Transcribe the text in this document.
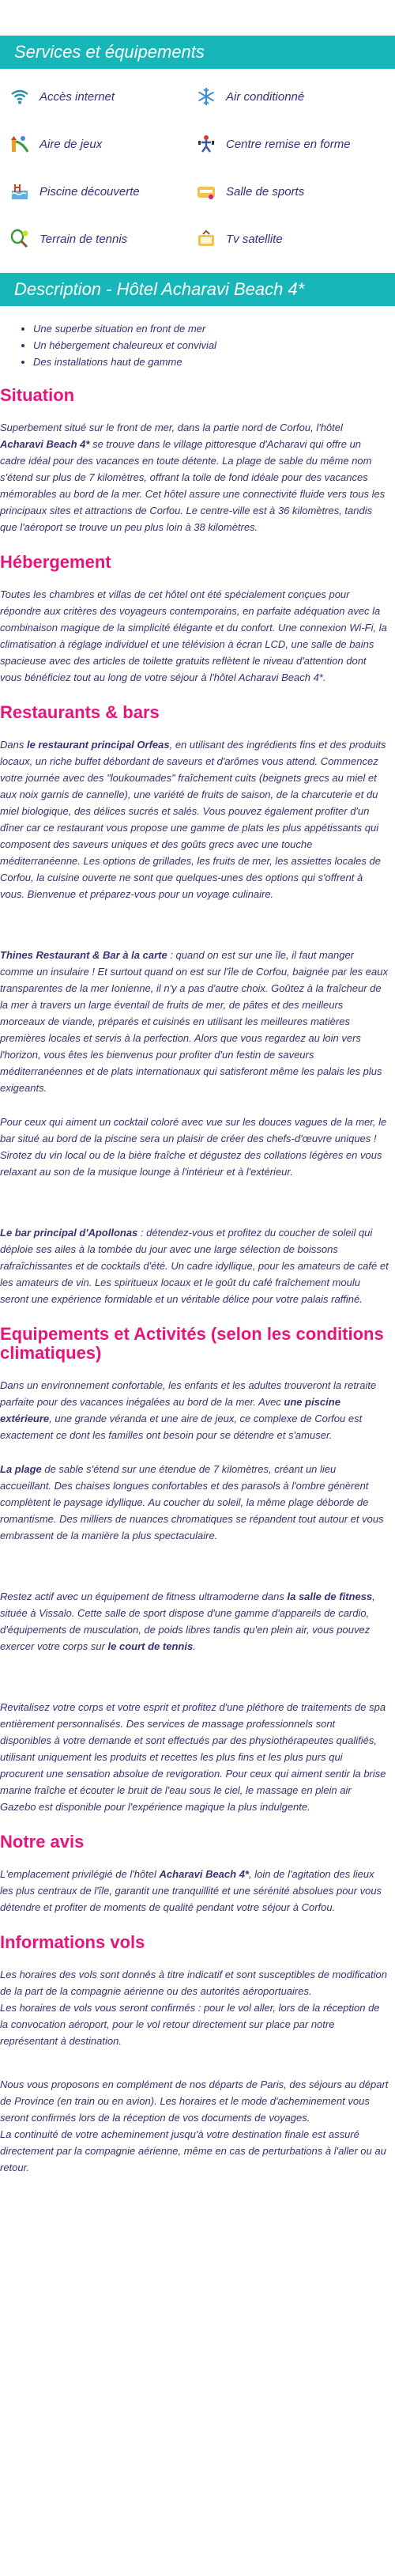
Services et équipements
Accès internet	Air conditionné
Aire de jeux	Centre remise en forme
Piscine découverte	Salle de sports
Terrain de tennis	Tv satellite
Description - Hôtel Acharavi Beach 4*
• Une superbe situation en front de mer
• Un hébergement chaleureux et convivial
• Des installations haut de gamme
Situation

Superbement situé sur le front de mer, dans la partie nord de Corfou, l'hôtel Acharavi Beach 4* se trouve dans le village pittoresque d'Acharavi qui offre un cadre idéal pour des vacances en toute détente. La plage de sable du même nom s'étend sur plus de 7 kilomètres, offrant la toile de fond idéale pour des vacances mémorables au bord de la mer. Cet hôtel assure une connectivité fluide vers tous les principaux sites et attractions de Corfou. Le centre-ville est à 36 kilomètres, tandis que l'aéroport se trouve un peu plus loin à 38 kilomètres.

Hébergement

Toutes les chambres et villas de cet hôtel ont été spécialement conçues pour répondre aux critères des voyageurs contemporains, en parfaite adéquation avec la combinaison magique de la simplicité élégante et du confort. Une connexion Wi-Fi, la climatisation à réglage individuel et une télévision à écran LCD, une salle de bains spacieuse avec des articles de toilette gratuits reflètent le niveau d'attention dont vous bénéficiez tout au long de votre séjour à l'hôtel Acharavi Beach 4*.

Restaurants & bars

Dans le restaurant principal Orfeas, en utilisant des ingrédients fins et des produits locaux, un riche buffet débordant de saveurs et d'arômes vous attend. Commencez votre journée avec des "loukoumades" fraîchement cuits (beignets grecs au miel et aux noix garnis de cannelle), une variété de fruits de saison, de la charcuterie et du miel biologique, des délices sucrés et salés. Vous pouvez également profiter d'un dîner car ce restaurant vous propose une gamme de plats les plus appétissants qui composent des saveurs uniques et des goûts grecs avec une touche méditerranéenne. Les options de grillades, les fruits de mer, les assiettes locales de Corfou, la cuisine ouverte ne sont que quelques-unes des options qui s'offrent à vous. Bienvenue et préparez-vous pour un voyage culinaire.

Thines Restaurant & Bar à la carte : quand on est sur une île, il faut manger comme un insulaire ! Et surtout quand on est sur l'île de Corfou, baignée par les eaux transparentes de la mer Ionienne, il n'y a pas d'autre choix. Goûtez à la fraîcheur de la mer à travers un large éventail de fruits de mer, de pâtes et des meilleurs morceaux de viande, préparés et cuisinés en utilisant les meilleures matières premières locales et servis à la perfection. Alors que vous regardez au loin vers l'horizon, vous êtes les bienvenus pour profiter d'un festin de saveurs méditerranéennes et de plats internationaux qui satisferont même les palais les plus exigeants.

Pour ceux qui aiment un cocktail coloré avec vue sur les douces vagues de la mer, le bar situé au bord de la piscine sera un plaisir de créer des chefs-d'œuvre uniques ! Sirotez du vin local ou de la bière fraîche et dégustez des collations légères en vous relaxant au son de la musique lounge à l'intérieur et à l'extérieur.

Le bar principal d'Apollonas : détendez-vous et profitez du coucher de soleil qui déploie ses ailes à la tombée du jour avec une large sélection de boissons rafraîchissantes et de cocktails d'été. Un cadre idyllique, pour les amateurs de café et les amateurs de vin. Les spiritueux locaux et le goût du café fraîchement moulu seront une expérience formidable et un véritable délice pour votre palais raffiné.

Equipements et Activités (selon les conditions climatiques)

Dans un environnement confortable, les enfants et les adultes trouveront la retraite parfaite pour des vacances inégalées au bord de la mer. Avec une piscine extérieure, une grande véranda et une aire de jeux, ce complexe de Corfou est exactement ce dont les familles ont besoin pour se détendre et s'amuser.

La plage de sable s'étend sur une étendue de 7 kilomètres, créant un lieu accueillant. Des chaises longues confortables et des parasols à l'ombre génèrent complètent le paysage idyllique. Au coucher du soleil, la même plage déborde de romantisme. Des milliers de nuances chromatiques se répandent tout autour et vous embrassent de la manière la plus spectaculaire.

Restez actif avec un équipement de fitness ultramoderne dans la salle de fitness, située à Vissalo. Cette salle de sport dispose d'une gamme d'appareils de cardio, d'équipements de musculation, de poids libres tandis qu'en plein air, vous pouvez exercer votre corps sur le court de tennis.

Revitalisez votre corps et votre esprit et profitez d'une pléthore de traitements de spa entièrement personnalisés. Des services de massage professionnels sont disponibles à votre demande et sont effectués par des physiothérapeutes qualifiés, utilisant uniquement les produits et recettes les plus fins et les plus purs qui procurent une sensation absolue de revigoration. Pour ceux qui aiment sentir la brise marine fraîche et écouter le bruit de l'eau sous le ciel, le massage en plein air Gazebo est disponible pour l'expérience magique la plus indulgente.

Notre avis

L'emplacement privilégié de l'hôtel Acharavi Beach 4*, loin de l'agitation des lieux les plus centraux de l'île, garantit une tranquillité et une sérénité absolues pour vous détendre et profiter de moments de qualité pendant votre séjour à Corfou.

Informations vols

Les horaires des vols sont donnés à titre indicatif et sont susceptibles de modification de la part de la compagnie aérienne ou des autorités aéroportuaires.
Les horaires de vols vous seront confirmés : pour le vol aller, lors de la réception de la convocation aéroport, pour le vol retour directement sur place par notre représentant à destination.

Nous vous proposons en complément de nos départs de Paris, des séjours au départ de Province (en train ou en avion). Les horaires et le mode d'acheminement vous seront confirmés lors de la réception de vos documents de voyages.
La continuité de votre acheminement jusqu'à votre destination finale est assuré directement par la compagnie aérienne, même en cas de perturbations à l'aller ou au retour.
